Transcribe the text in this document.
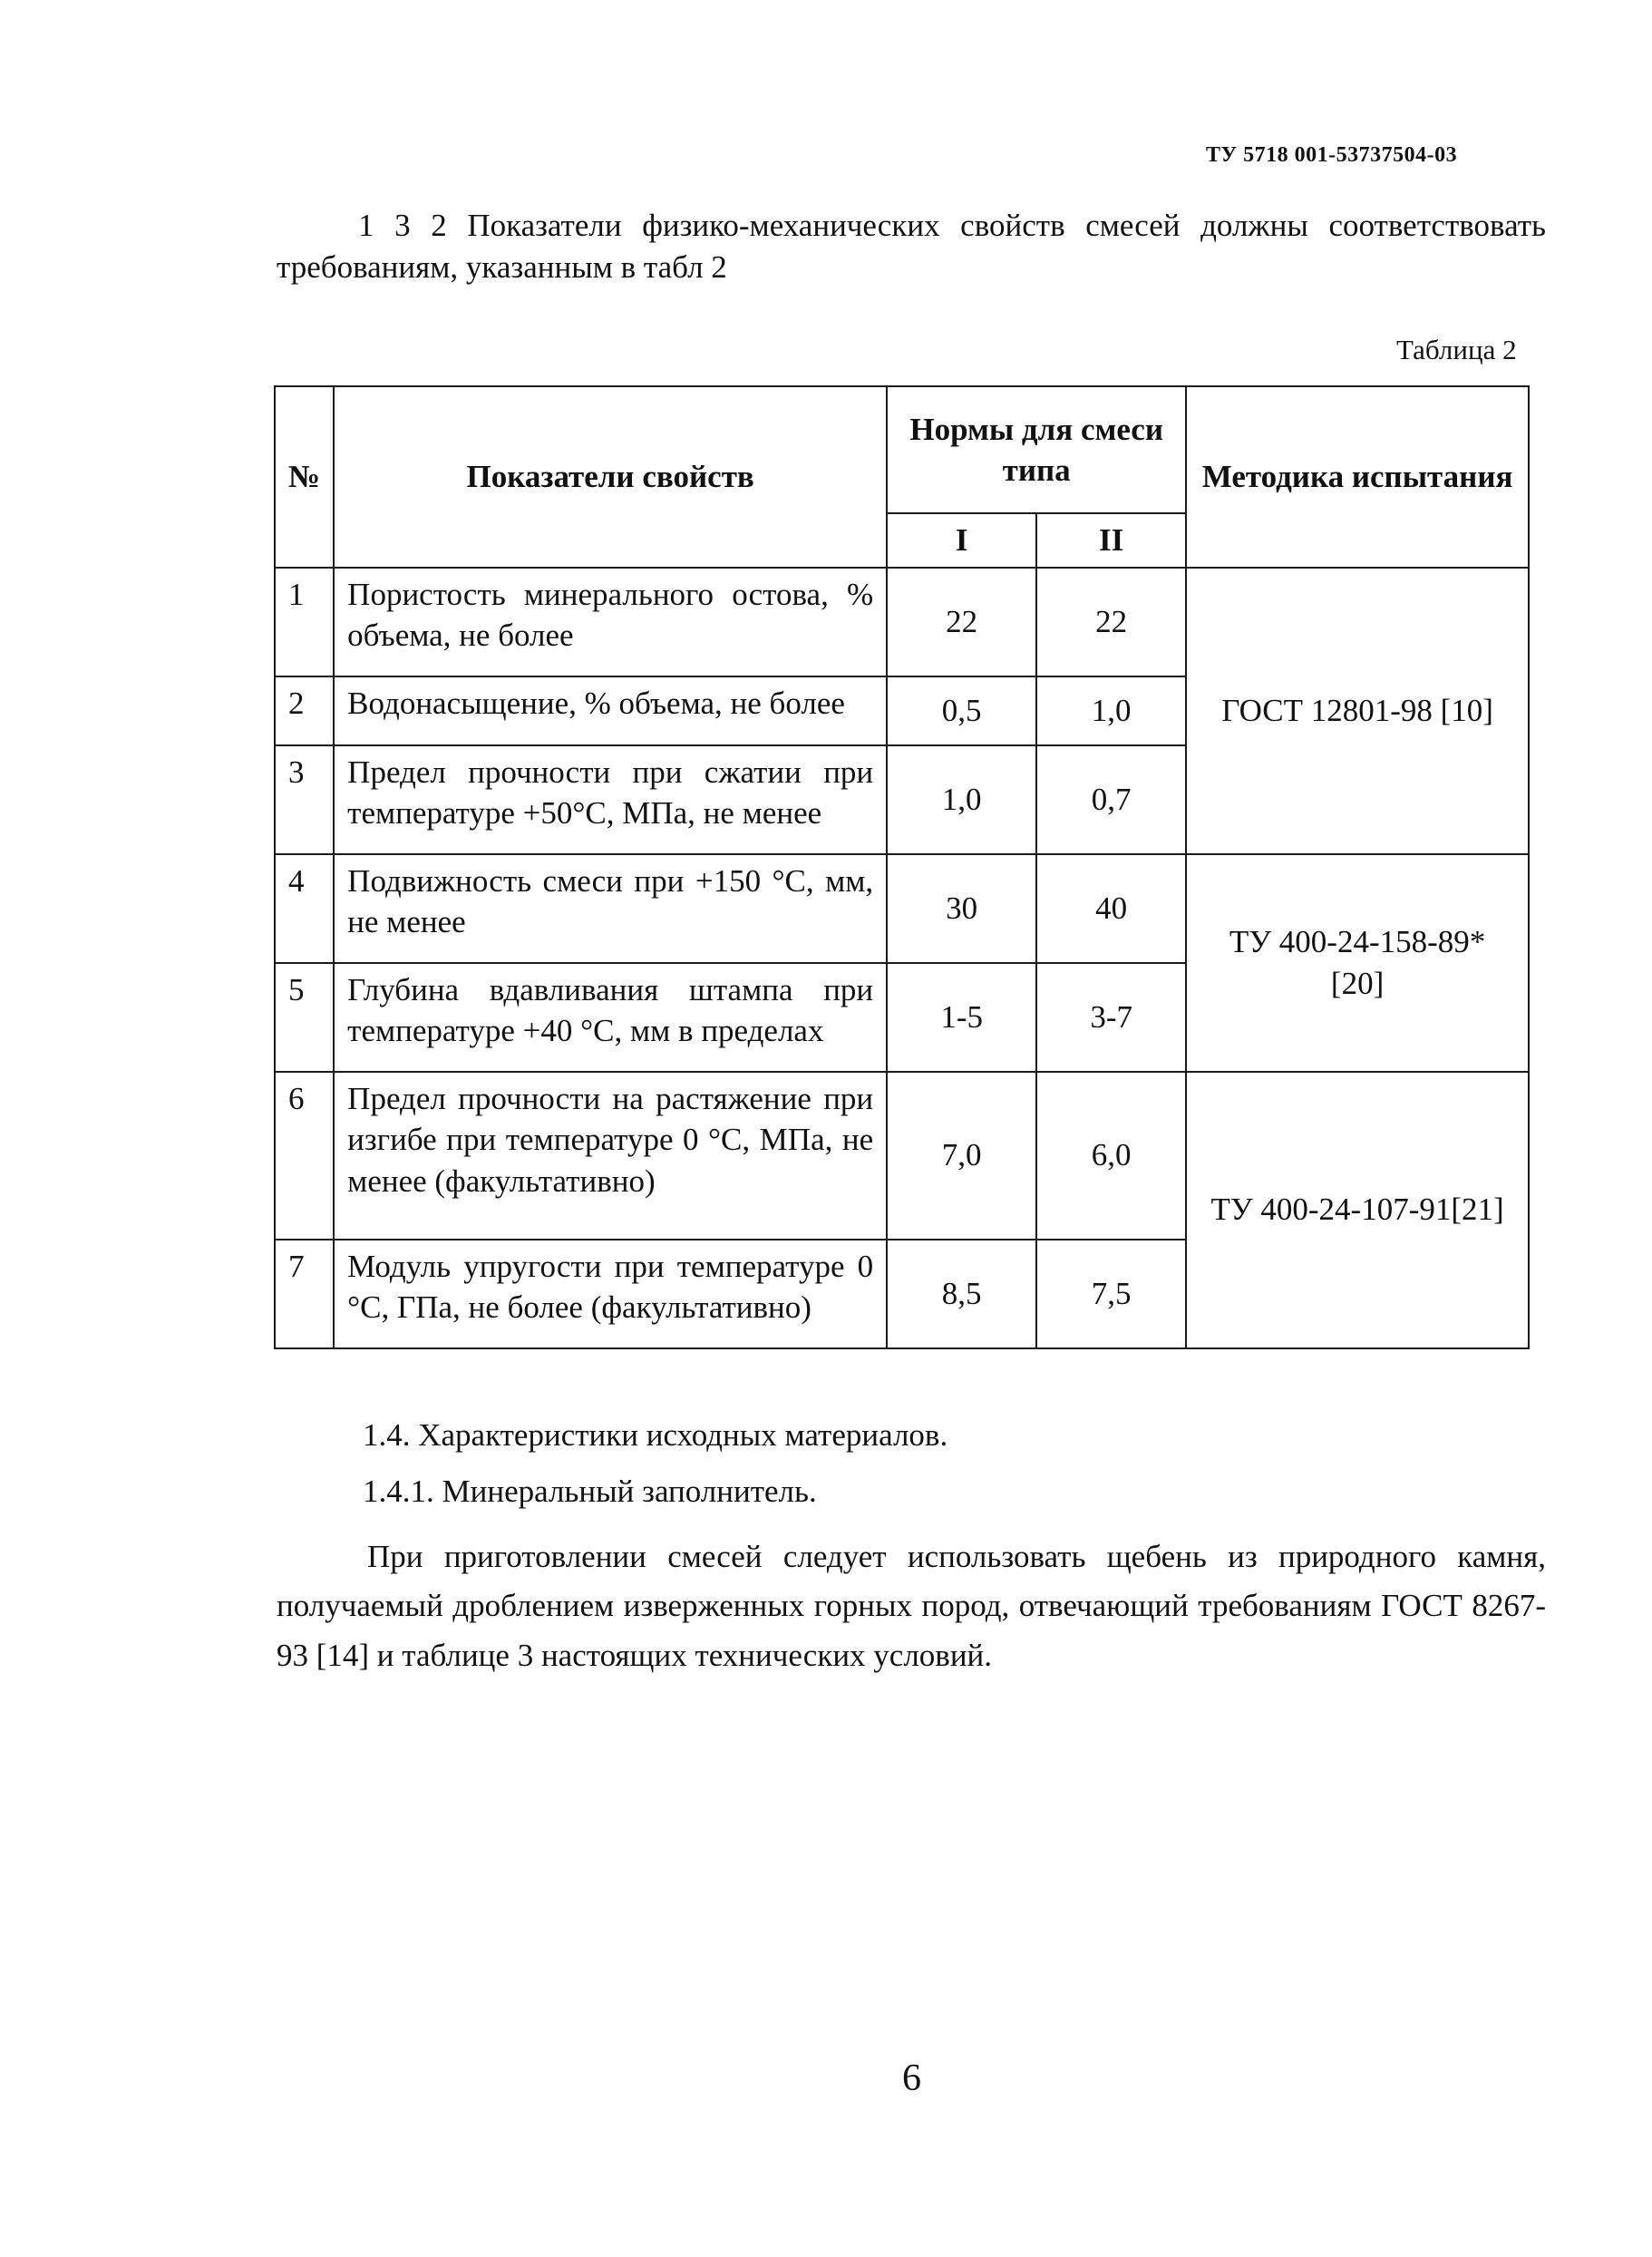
ТУ 5718 001-53737504-03

1 3 2 Показатели физико-механических свойств смесей должны соответствовать требованиям, указанным в табл 2

Таблица 2
№	Показатели свойств	Нормы для смеси типа		Методика испытания
		I	II	
1	Пористость минерального остова, % объема, не более	22	22	ГОСТ 12801-98 [10]
2	Водонасыщение, % объема, не более	0,5	1,0	
3	Предел прочности при сжатии при температуре +50°С, МПа, не менее	1,0	0,7	
4	Подвижность смеси при +150 °С, мм, не менее	30	40	ТУ 400-24-158-89* [20]
5	Глубина вдавливания штампа при температуре +40 °С, мм в пределах	1-5	3-7	
6	Предел прочности на растяжение при изгибе при температуре 0 °С, МПа, не менее (факультативно)	7,0	6,0	ТУ 400-24-107-91[21]
7	Модуль упругости при температуре 0 °С, ГПа, не более (факультативно)	8,5	7,5	
1.4. Характеристики исходных материалов.
1.4.1. Минеральный заполнитель.

При приготовлении смесей следует использовать щебень из природного камня, получаемый дроблением изверженных горных пород, отвечающий требованиям ГОСТ 8267-93 [14] и таблице 3 настоящих технических условий.

6
